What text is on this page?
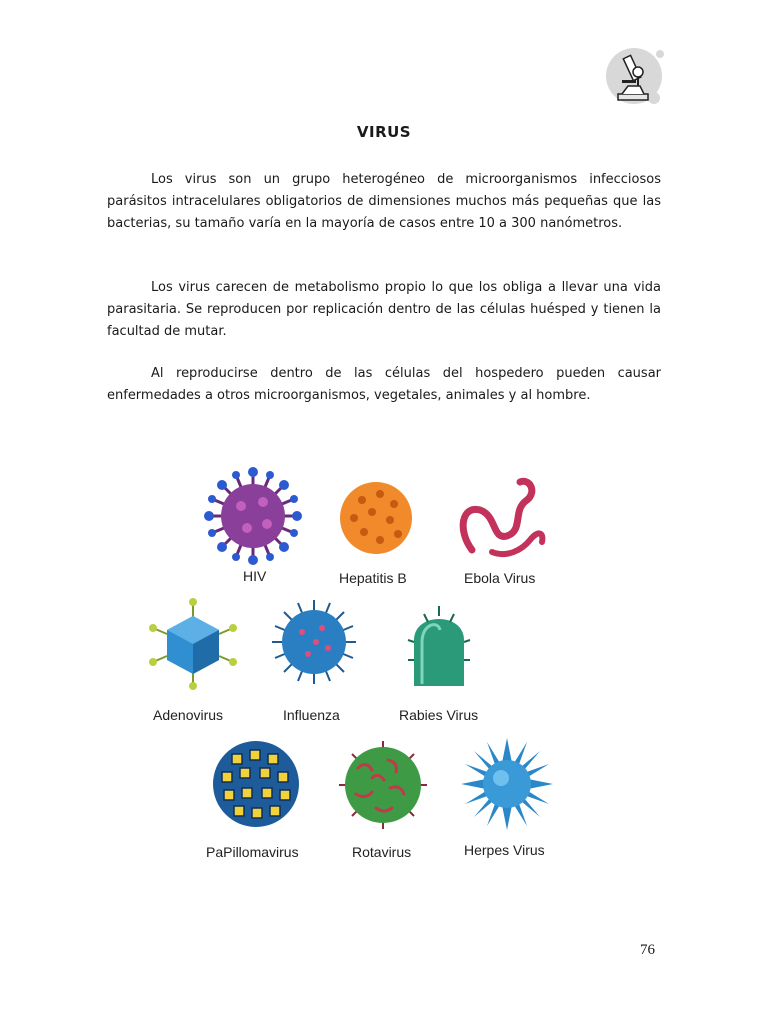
VIRUS

Los virus son un grupo heterogéneo de microorganismos infecciosos parásitos intracelulares obligatorios de dimensiones muchos más pequeñas que las bacterias, su tamaño varía en la mayoría de casos entre 10 a 300 nanómetros.

Los virus carecen de metabolismo propio lo que los obliga a llevar una vida parasitaria. Se reproducen por replicación dentro de las células huésped y tienen la facultad de mutar.

Al reproducirse dentro de las células del hospedero pueden causar enfermedades a otros microorganismos, vegetales, animales y al hombre.

HIV	Hepatitis B	Ebola Virus
Adenovirus	Influenza	Rabies Virus
PaPillomavirus	Rotavirus	Herpes Virus
76
